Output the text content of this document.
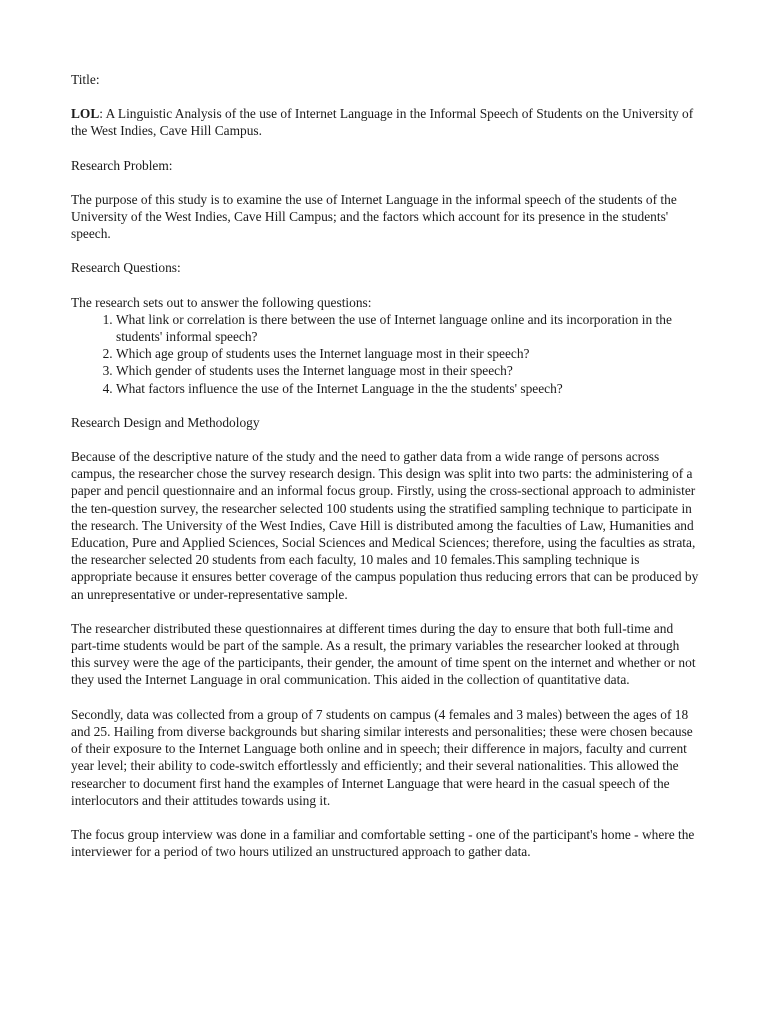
Title:

LOL: A Linguistic Analysis of the use of Internet Language in the Informal Speech of Students on the University of the West Indies, Cave Hill Campus.

Research Problem:

The purpose of this study is to examine the use of Internet Language in the informal speech of the students of the University of the West Indies, Cave Hill Campus; and the factors which account for its presence in the students' speech.

Research Questions:

The research sets out to answer the following questions:

1. What link or correlation is there between the use of Internet language online and its incorporation in the students' informal speech?
2. Which age group of students uses the Internet language most in their speech?
3. Which gender of students uses the Internet language most in their speech?
4. What factors influence the use of the Internet Language in the the students' speech?

Research Design and Methodology

Because of the descriptive nature of the study and the need to gather data from a wide range of persons across campus, the researcher chose the survey research design. This design was split into two parts: the administering of a paper and pencil questionnaire and an informal focus group. Firstly, using the cross-sectional approach to administer the ten-question survey, the researcher selected 100 students using the stratified sampling technique to participate in the research. The University of the West Indies, Cave Hill is distributed among the faculties of Law, Humanities and Education, Pure and Applied Sciences, Social Sciences and Medical Sciences; therefore, using the faculties as strata, the researcher selected 20 students from each faculty, 10 males and 10 females.This sampling technique is appropriate because it ensures better coverage of the campus population thus reducing errors that can be produced by an unrepresentative or under-representative sample.

The researcher distributed these questionnaires at different times during the day to ensure that both full-time and part-time students would be part of the sample. As a result, the primary variables the researcher looked at through this survey were the age of the participants, their gender, the amount of time spent on the internet and whether or not they used the Internet Language in oral communication. This aided in the collection of quantitative data.

Secondly, data was collected from a group of 7 students on campus (4 females and 3 males) between the ages of 18 and 25. Hailing from diverse backgrounds but sharing similar interests and personalities; these were chosen because of their exposure to the Internet Language both online and in speech; their difference in majors, faculty and current year level; their ability to code-switch effortlessly and efficiently; and their several nationalities. This allowed the researcher to document first hand the examples of Internet Language that were heard in the casual speech of the interlocutors and their attitudes towards using it.

The focus group interview was done in a familiar and comfortable setting - one of the participant's home - where the interviewer for a period of two hours utilized an unstructured approach to gather data.
